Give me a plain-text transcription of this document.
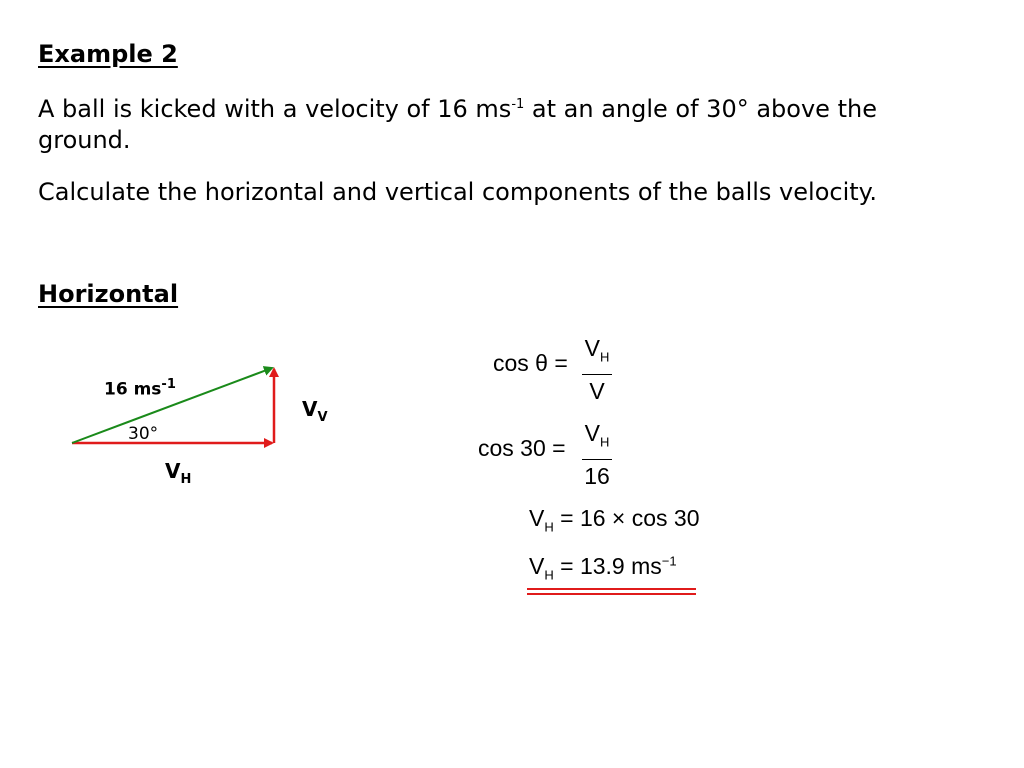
Example 2
A ball is kicked with a velocity of 16 $ms^{-1}$ at an angle of 30° above the
ground.
Calculate the horizontal and vertical components of the balls velocity.
Horizontal
16 $ms^{-1}$
30°
$V_V$
$V_H$
cos θ =
$V_H$
V
cos 30 =
$V_H$
16
$V_H = 16 \times \cos 30$
$V_H = 13.9$ $ms^{-1}$
